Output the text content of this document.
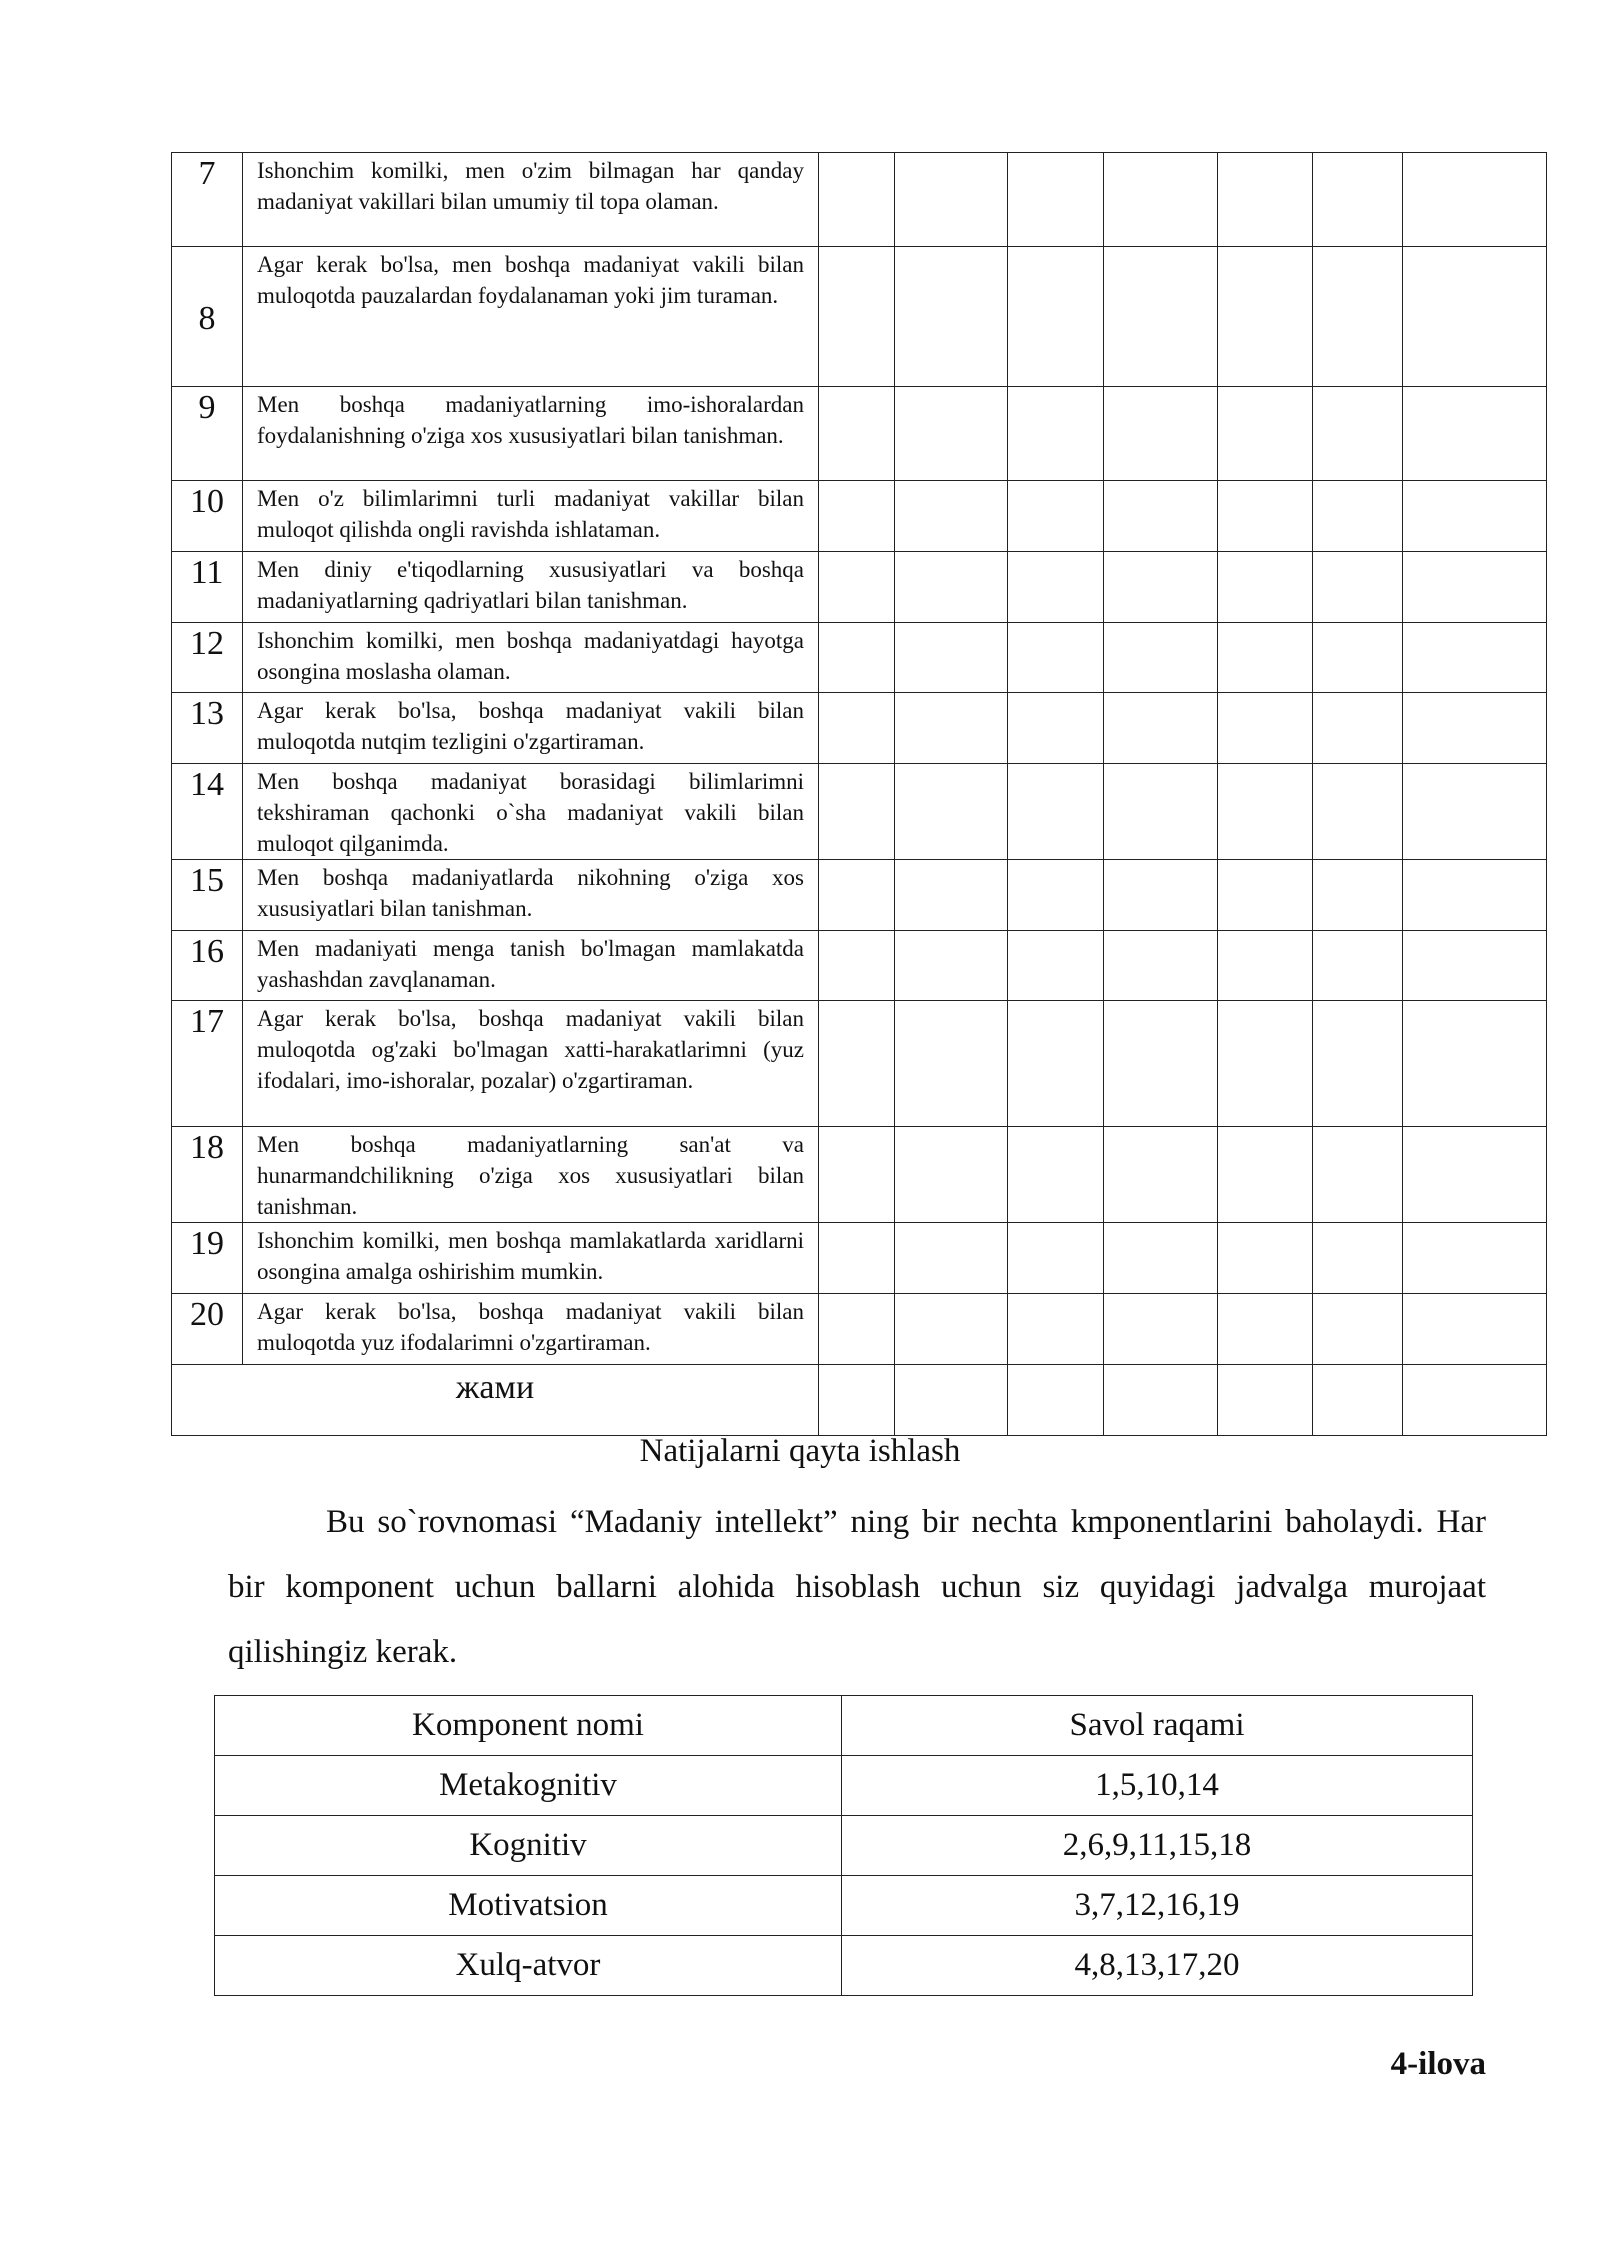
7	Ishonchim komilki, men o'zim bilmagan har qanday madaniyat vakillari bilan umumiy til topa olaman.							
8	Agar kerak bo'lsa, men boshqa madaniyat vakili bilan muloqotda pauzalardan foydalanaman yoki jim turaman.							
9	Men boshqa madaniyatlarning imo-ishoralardan foydalanishning o'ziga xos xususiyatlari bilan tanishman.							
10	Men o'z bilimlarimni turli madaniyat vakillar bilan muloqot qilishda ongli ravishda ishlataman.							
11	Men diniy e'tiqodlarning xususiyatlari va boshqa madaniyatlarning qadriyatlari bilan tanishman.							
12	Ishonchim komilki, men boshqa madaniyatdagi hayotga osongina moslasha olaman.							
13	Agar kerak bo'lsa, boshqa madaniyat vakili bilan muloqotda nutqim tezligini o'zgartiraman.							
14	Men boshqa madaniyat borasidagi bilimlarimni tekshiraman qachonki o`sha madaniyat vakili bilan muloqot qilganimda.							
15	Men boshqa madaniyatlarda nikohning o'ziga xos xususiyatlari bilan tanishman.							
16	Men madaniyati menga tanish bo'lmagan mamlakatda yashashdan zavqlanaman.							
17	Agar kerak bo'lsa, boshqa madaniyat vakili bilan muloqotda og'zaki bo'lmagan xatti-harakatlarimni (yuz ifodalari, imo-ishoralar, pozalar) o'zgartiraman.							
18	Men boshqa madaniyatlarning san'at va hunarmandchilikning o'ziga xos xususiyatlari bilan tanishman.							
19	Ishonchim komilki, men boshqa mamlakatlarda xaridlarni osongina amalga oshirishim mumkin.							
20	Agar kerak bo'lsa, boshqa madaniyat vakili bilan muloqotda yuz ifodalarimni o'zgartiraman.							
жами								
Natijalarni qayta ishlash

Bu so`rovnomasi “Madaniy intellekt” ning bir nechta kmponentlarini baholaydi. Har bir komponent uchun ballarni alohida hisoblash uchun siz quyidagi jadvalga murojaat qilishingiz kerak.

Komponent nomi	Savol raqami
Metakognitiv	1,5,10,14
Kognitiv	2,6,9,11,15,18
Motivatsion	3,7,12,16,19
Xulq-atvor	4,8,13,17,20

4-ilova
